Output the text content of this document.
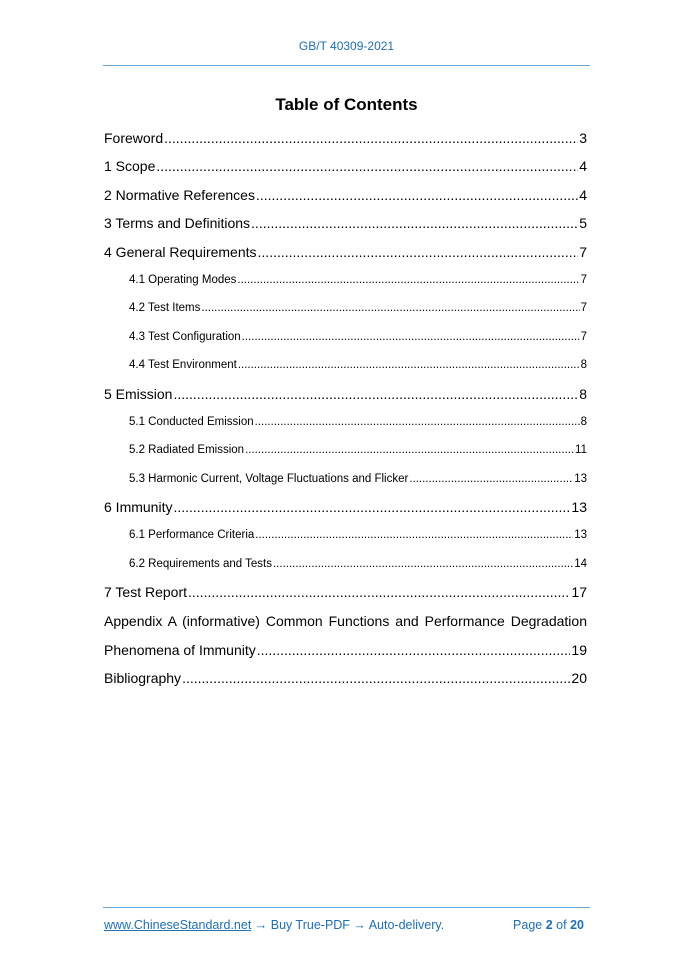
GB/T 40309-2021
Table of Contents
Foreword .....	3
1 Scope .....	4
2 Normative References .....	4
3 Terms and Definitions .....	5
4 General Requirements .....	7
4.1 Operating Modes .....	7
4.2 Test Items .....	7
4.3 Test Configuration .....	7
4.4 Test Environment .....	8
5 Emission .....	8
5.1 Conducted Emission .....	8
5.2 Radiated Emission .....	11
5.3 Harmonic Current, Voltage Fluctuations and Flicker .....	13
6 Immunity .....	13
6.1 Performance Criteria .....	13
6.2 Requirements and Tests .....	14
7 Test Report .....	17
Appendix A (informative) Common Functions and Performance Degradation
Phenomena of Immunity .....	19
Bibliography .....	20
www.ChineseStandard.net → Buy True-PDF → Auto-delivery.	Page 2 of 20
